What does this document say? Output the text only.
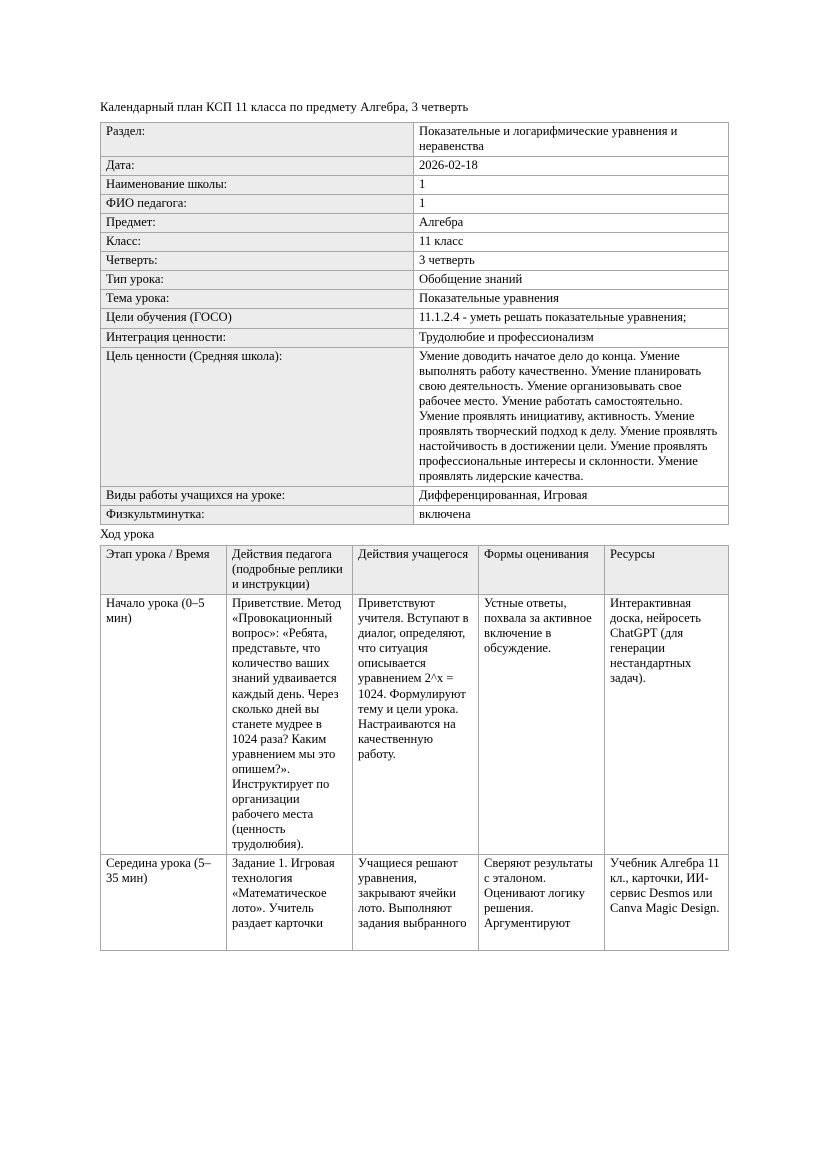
Календарный план КСП 11 класса по предмету Алгебра, 3 четверть
Раздел:	Показательные и логарифмические уравнения и неравенства
Дата:	2026-02-18
Наименование школы:	1
ФИО педагога:	1
Предмет:	Алгебра
Класс:	11 класс
Четверть:	3 четверть
Тип урока:	Обобщение знаний
Тема урока:	Показательные уравнения
Цели обучения (ГОСО)	11.1.2.4 - уметь решать показательные уравнения;
Интеграция ценности:	Трудолюбие и профессионализм
Цель ценности (Средняя школа):	Умение доводить начатое дело до конца. Умение выполнять работу качественно. Умение планировать свою деятельность. Умение организовывать свое рабочее место. Умение работать самостоятельно. Умение проявлять инициативу, активность. Умение проявлять творческий подход к делу. Умение проявлять настойчивость в достижении цели. Умение проявлять профессиональные интересы и склонности. Умение проявлять лидерские качества.
Виды работы учащихся на уроке:	Дифференцированная, Игровая
Физкультминутка:	включена
Ход урока
Этап урока / Время	Действия педагога (подробные реплики и инструкции)	Действия учащегося	Формы оценивания	Ресурсы
Начало урока (0–5 мин)	Приветствие. Метод «Провокационный вопрос»: «Ребята, представьте, что количество ваших знаний удваивается каждый день. Через сколько дней вы станете мудрее в 1024 раза? Каким уравнением мы это опишем?». Инструктирует по организации рабочего места (ценность трудолюбия).	Приветствуют учителя. Вступают в диалог, определяют, что ситуация описывается уравнением 2^x = 1024. Формулируют тему и цели урока. Настраиваются на качественную работу.	Устные ответы, похвала за активное включение в обсуждение.	Интерактивная доска, нейросеть ChatGPT (для генерации нестандартных задач).
Середина урока (5–35 мин)	Задание 1. Игровая технология «Математическое лото». Учитель раздает карточки	Учащиеся решают уравнения, закрывают ячейки лото. Выполняют задания выбранного	Сверяют результаты с эталоном. Оценивают логику решения. Аргументируют	Учебник Алгебра 11 кл., карточки, ИИ-сервис Desmos или Canva Magic Design.
